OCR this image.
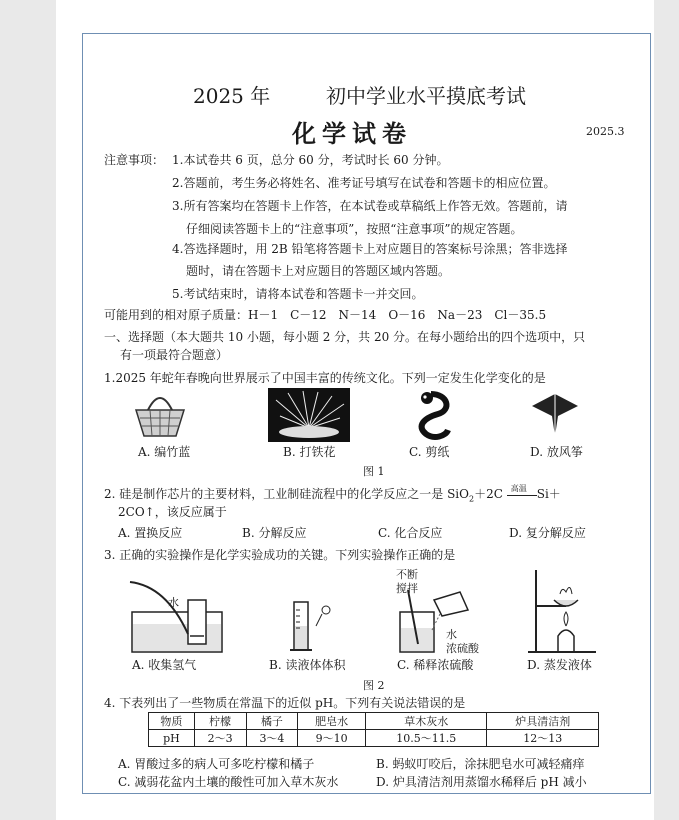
2025 年	初中学业水平摸底考试
化学试卷	2025.3
注意事项： 1.本试卷共 6 页，总分 60 分，考试时长 60 分钟。
2.答题前，考生务必将姓名、准考证号填写在试卷和答题卡的相应位置。
3.所有答案均在答题卡上作答，在本试卷或草稿纸上作答无效。答题前，请
仔细阅读答题卡上的“注意事项”，按照“注意事项”的规定答题。
4.答选择题时，用 2B 铅笔将答题卡上对应题目的答案标号涂黑；答非选择
题时，请在答题卡上对应题目的答题区域内答题。
5.考试结束时，请将本试卷和答题卡一并交回。
可能用到的相对原子质量：H－1　C－12　N－14　O－16　Na－23　Cl－35.5
一、选择题（本大题共 10 小题，每小题 2 分，共 20 分。在每小题给出的四个选项中，只
有一项最符合题意）
1.2025 年蛇年春晚向世界展示了中国丰富的传统文化。下列一定发生化学变化的是
A. 编竹蓝	B. 打铁花	C. 剪纸	D. 放风筝
图 1
2. 硅是制作芯片的主要材料，工业制硅流程中的化学反应之一是 SiO$_2$＋2C 高温 Si＋
2CO↑，该反应属于
A. 置换反应	B. 分解反应	C. 化合反应	D. 复分解反应
3. 正确的实验操作是化学实验成功的关键。下列实验操作正确的是
水
不断
搅拌
水
浓硫酸
A. 收集氢气	B. 读液体体积	C. 稀释浓硫酸	D. 蒸发液体
图 2
4. 下表列出了一些物质在常温下的近似 pH。下列有关说法错误的是
物质	柠檬	橘子	肥皂水	草木灰水	炉具清洁剂
pH	2～3	3～4	9～10	10.5～11.5	12～13
A. 胃酸过多的病人可多吃柠檬和橘子	B. 蚂蚁叮咬后，涂抹肥皂水可减轻痛痒
C. 减弱花盆内土壤的酸性可加入草木灰水	D. 炉具清洁剂用蒸馏水稀释后 pH 减小
